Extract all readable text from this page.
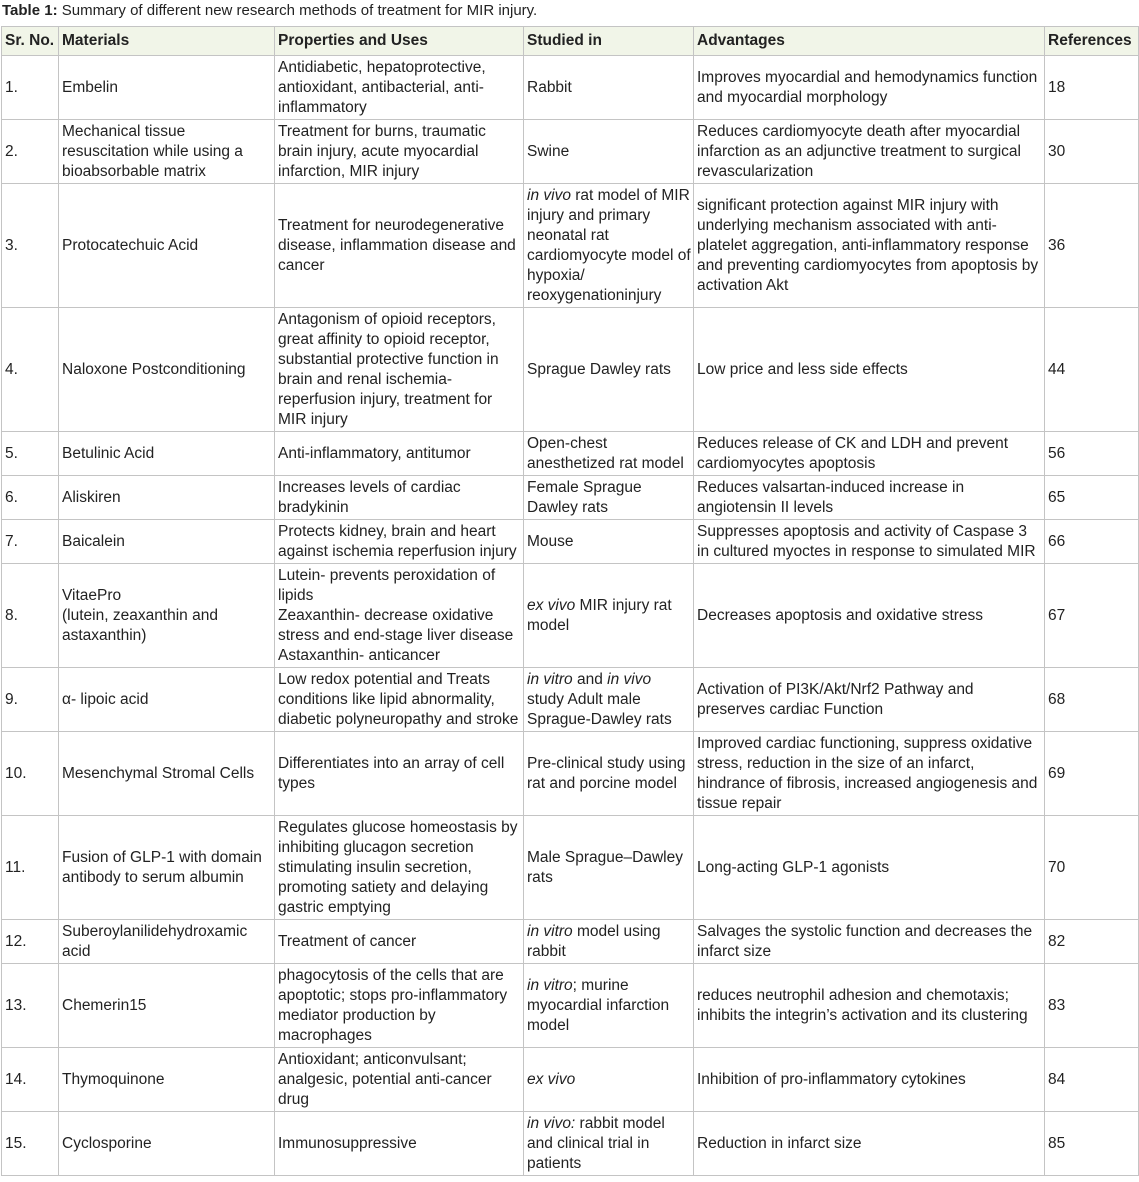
Table 1: Summary of different new research methods of treatment for MIR injury.
Sr. No.	Materials	Properties and Uses	Studied in	Advantages	References
1.	Embelin	Antidiabetic, hepatoprotective, antioxidant, antibacterial, anti-inflammatory	Rabbit	Improves myocardial and hemodynamics function and myocardial morphology	18
2.	Mechanical tissue resuscitation while using a bioabsorbable matrix	Treatment for burns, traumatic brain injury, acute myocardial infarction, MIR injury	Swine	Reduces cardiomyocyte death after myocardial infarction as an adjunctive treatment to surgical revascularization	30
3.	Protocatechuic Acid	Treatment for neurodegenerative disease, inflammation disease and cancer	in vivo rat model of MIR injury and primary neonatal rat cardiomyocyte model of hypoxia/ reoxygenationinjury	significant protection against MIR injury with underlying mechanism associated with anti-platelet aggregation, anti-inflammatory response and preventing cardiomyocytes from apoptosis by activation Akt	36
4.	Naloxone Postconditioning	Antagonism of opioid receptors, great affinity to opioid receptor, substantial protective function in brain and renal ischemia-reperfusion injury, treatment for MIR injury	Sprague Dawley rats	Low price and less side effects	44
5.	Betulinic Acid	Anti-inflammatory, antitumor	Open-chest anesthetized rat model	Reduces release of CK and LDH and prevent cardiomyocytes apoptosis	56
6.	Aliskiren	Increases levels of cardiac bradykinin	Female Sprague Dawley rats	Reduces valsartan-induced increase in angiotensin II levels	65
7.	Baicalein	Protects kidney, brain and heart against ischemia reperfusion injury	Mouse	Suppresses apoptosis and activity of Caspase 3 in cultured myoctes in response to simulated MIR	66
8.	VitaePro
(lutein, zeaxanthin and astaxanthin)	Lutein- prevents peroxidation of lipids
Zeaxanthin- decrease oxidative stress and end-stage liver disease
Astaxanthin- anticancer	ex vivo MIR injury rat model	Decreases apoptosis and oxidative stress	67
9.	α- lipoic acid	Low redox potential and Treats conditions like lipid abnormality, diabetic polyneuropathy and stroke	in vitro and in vivo study Adult male Sprague-Dawley rats	Activation of PI3K/Akt/Nrf2 Pathway and preserves cardiac Function	68
10.	Mesenchymal Stromal Cells	Differentiates into an array of cell types	Pre-clinical study using rat and porcine model	Improved cardiac functioning, suppress oxidative stress, reduction in the size of an infarct, hindrance of fibrosis, increased angiogenesis and tissue repair	69
11.	Fusion of GLP-1 with domain antibody to serum albumin	Regulates glucose homeostasis by inhibiting glucagon secretion stimulating insulin secretion, promoting satiety and delaying gastric emptying	Male Sprague–Dawley rats	Long-acting GLP-1 agonists	70
12.	Suberoylanilidehydroxamic acid	Treatment of cancer	in vitro model using rabbit	Salvages the systolic function and decreases the infarct size	82
13.	Chemerin15	phagocytosis of the cells that are apoptotic; stops pro-inflammatory mediator production by macrophages	in vitro; murine myocardial infarction model	reduces neutrophil adhesion and chemotaxis; inhibits the integrin’s activation and its clustering	83
14.	Thymoquinone	Antioxidant; anticonvulsant; analgesic, potential anti-cancer drug	ex vivo	Inhibition of pro-inflammatory cytokines	84
15.	Cyclosporine	Immunosuppressive	in vivo: rabbit model and clinical trial in patients	Reduction in infarct size	85
